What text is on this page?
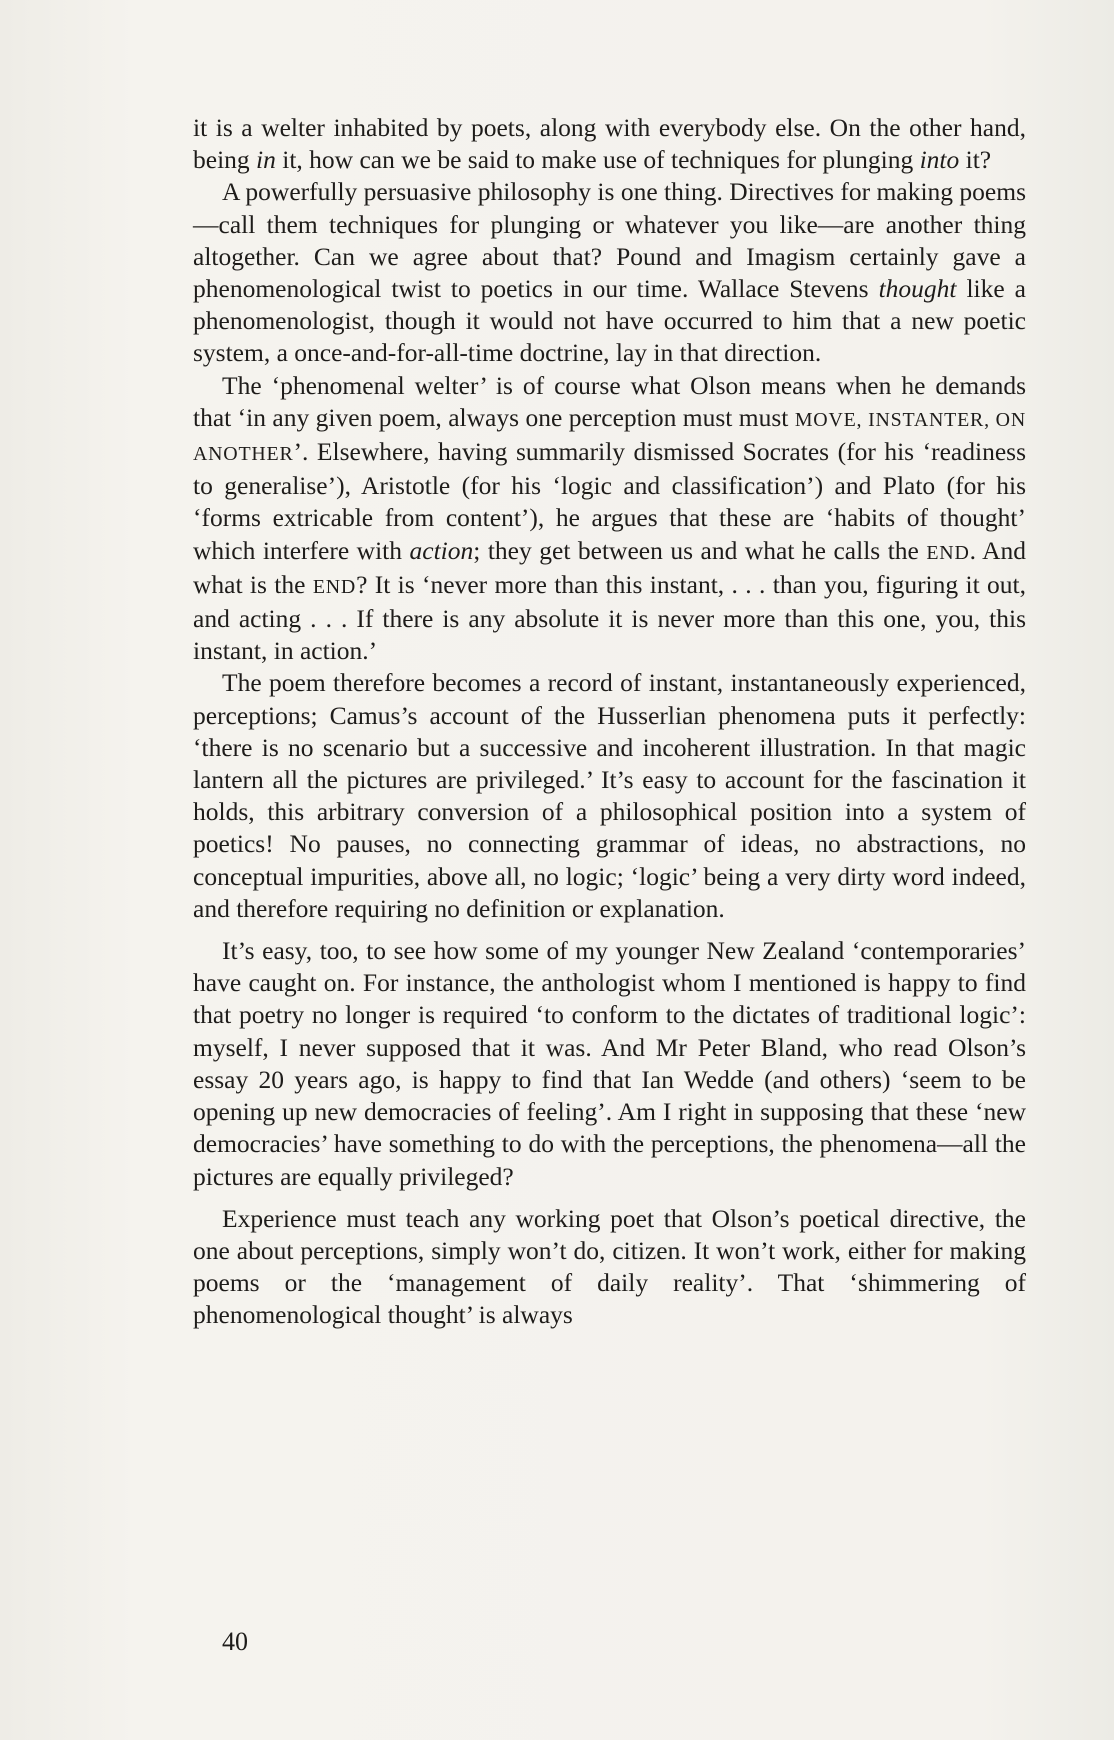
it is a welter inhabited by poets, along with everybody else. On the other hand, being in it, how can we be said to make use of techniques for plunging into it?

A powerfully persuasive philosophy is one thing. Directives for making poems—call them techniques for plunging or whatever you like—are another thing altogether. Can we agree about that? Pound and Imagism certainly gave a phenomenological twist to poetics in our time. Wallace Stevens thought like a phenomenologist, though it would not have occurred to him that a new poetic system, a once-and-for-all-time doctrine, lay in that direction.

The ‘phenomenal welter’ is of course what Olson means when he demands that ‘in any given poem, always one perception must must MOVE, INSTANTER, ON ANOTHER’. Elsewhere, having summarily dismissed Socrates (for his ‘readiness to generalise’), Aristotle (for his ‘logic and classification’) and Plato (for his ‘forms extricable from content’), he argues that these are ‘habits of thought’ which interfere with action; they get between us and what he calls the END. And what is the END? It is ‘never more than this instant, . . . than you, figuring it out, and acting . . . If there is any absolute it is never more than this one, you, this instant, in action.’

The poem therefore becomes a record of instant, instantaneously experienced, perceptions; Camus’s account of the Husserlian phenomena puts it perfectly: ‘there is no scenario but a successive and incoherent illustration. In that magic lantern all the pictures are privileged.’ It’s easy to account for the fascination it holds, this arbitrary conversion of a philosophical position into a system of poetics! No pauses, no connecting grammar of ideas, no abstractions, no conceptual impurities, above all, no logic; ‘logic’ being a very dirty word indeed, and therefore requiring no definition or explanation.

It’s easy, too, to see how some of my younger New Zealand ‘contemporaries’ have caught on. For instance, the anthologist whom I mentioned is happy to find that poetry no longer is required ‘to conform to the dictates of traditional logic’: myself, I never supposed that it was. And Mr Peter Bland, who read Olson’s essay 20 years ago, is happy to find that Ian Wedde (and others) ‘seem to be opening up new democracies of feeling’. Am I right in supposing that these ‘new democracies’ have something to do with the perceptions, the phenomena—all the pictures are equally privileged?

Experience must teach any working poet that Olson’s poetical directive, the one about perceptions, simply won’t do, citizen. It won’t work, either for making poems or the ‘management of daily reality’. That ‘shimmering of phenomenological thought’ is always

40
